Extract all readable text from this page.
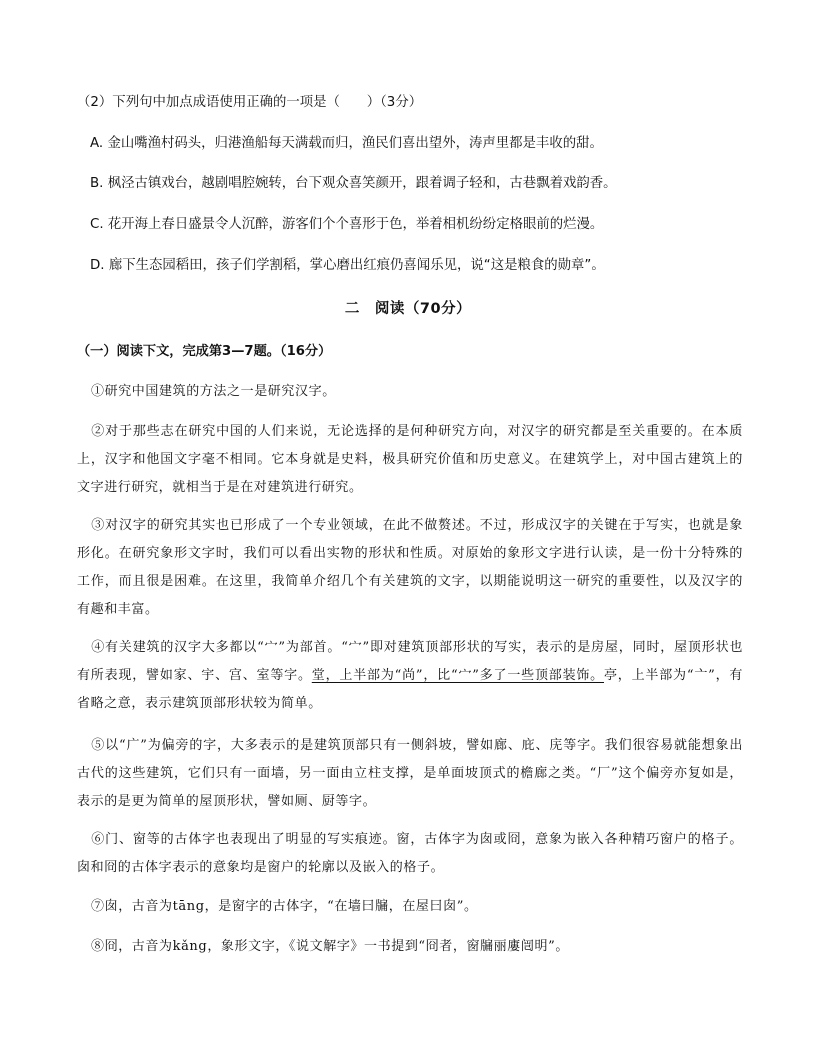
（2）下列句中加点成语使用正确的一项是（　　）（3分）
A. 金山嘴渔村码头，归港渔船每天满载而归，渔民们喜出望外，涛声里都是丰收的甜。
B. 枫泾古镇戏台，越剧唱腔婉转，台下观众喜笑颜开，跟着调子轻和，古巷飘着戏韵香。
C. 花开海上春日盛景令人沉醉，游客们个个喜形于色，举着相机纷纷定格眼前的烂漫。
D. 廊下生态园稻田，孩子们学割稻，掌心磨出红痕仍喜闻乐见，说“这是粮食的勋章”。
二　阅读（70分）
（一）阅读下文，完成第3—7题。（16分）
①研究中国建筑的方法之一是研究汉字。
②对于那些志在研究中国的人们来说，无论选择的是何种研究方向，对汉字的研究都是至关重要的。在本质上，汉字和他国文字毫不相同。它本身就是史料，极具研究价值和历史意义。在建筑学上，对中国古建筑上的文字进行研究，就相当于是在对建筑进行研究。
③对汉字的研究其实也已形成了一个专业领域，在此不做赘述。不过，形成汉字的关键在于写实，也就是象形化。在研究象形文字时，我们可以看出实物的形状和性质。对原始的象形文字进行认读，是一份十分特殊的工作，而且很是困难。在这里，我简单介绍几个有关建筑的文字，以期能说明这一研究的重要性，以及汉字的有趣和丰富。
④有关建筑的汉字大多都以“宀”为部首。“宀”即对建筑顶部形状的写实，表示的是房屋，同时，屋顶形状也有所表现，譬如家、宇、宫、室等字。堂，上半部为“尚”，比“宀”多了一些顶部装饰。亭，上半部为“亠”，有省略之意，表示建筑顶部形状较为简单。
⑤以“广”为偏旁的字，大多表示的是建筑顶部只有一侧斜坡，譬如廊、庇、庑等字。我们很容易就能想象出古代的这些建筑，它们只有一面墙，另一面由立柱支撑，是单面坡顶式的檐廊之类。“厂”这个偏旁亦复如是，表示的是更为简单的屋顶形状，譬如厕、厨等字。
⑥门、窗等的古体字也表现出了明显的写实痕迹。窗，古体字为囱或冏，意象为嵌入各种精巧窗户的格子。囱和冏的古体字表示的意象均是窗户的轮廓以及嵌入的格子。
⑦囱，古音为tāng，是窗字的古体字，“在墙曰牖，在屋曰囱”。
⑧冏，古音为kǎng，象形文字，《说文解字》一书提到“冏者，窗牖丽廔闿明”。
